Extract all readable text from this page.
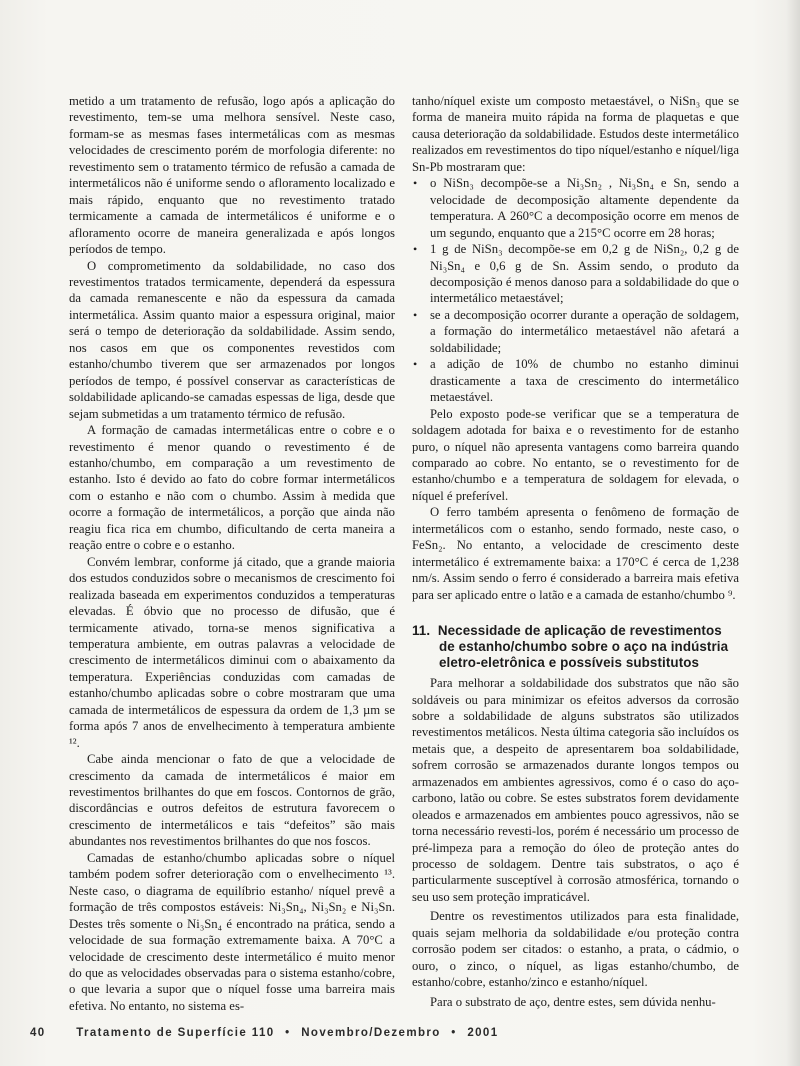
metido a um tratamento de refusão, logo após a aplicação do revestimento, tem-se uma melhora sensível. Neste caso, formam-se as mesmas fases intermetálicas com as mesmas velocidades de crescimento porém de morfologia diferente: no revestimento sem o tratamento térmico de refusão a camada de intermetálicos não é uniforme sendo o afloramento localizado e mais rápido, enquanto que no revestimento tratado termicamente a camada de intermetálicos é uniforme e o afloramento ocorre de maneira generalizada e após longos períodos de tempo.

O comprometimento da soldabilidade, no caso dos revestimentos tratados termicamente, dependerá da espessura da camada remanescente e não da espessura da camada intermetálica. Assim quanto maior a espessura original, maior será o tempo de deterioração da soldabilidade. Assim sendo, nos casos em que os componentes revestidos com estanho/chumbo tiverem que ser armazenados por longos períodos de tempo, é possível conservar as características de soldabilidade aplicando-se camadas espessas de liga, desde que sejam submetidas a um tratamento térmico de refusão.

A formação de camadas intermetálicas entre o cobre e o revestimento é menor quando o revestimento é de estanho/chumbo, em comparação a um revestimento de estanho. Isto é devido ao fato do cobre formar intermetálicos com o estanho e não com o chumbo. Assim à medida que ocorre a formação de intermetálicos, a porção que ainda não reagiu fica rica em chumbo, dificultando de certa maneira a reação entre o cobre e o estanho.

Convém lembrar, conforme já citado, que a grande maioria dos estudos conduzidos sobre o mecanismos de crescimento foi realizada baseada em experimentos conduzidos a temperaturas elevadas. É óbvio que no processo de difusão, que é termicamente ativado, torna-se menos significativa a temperatura ambiente, em outras palavras a velocidade de crescimento de intermetálicos diminui com o abaixamento da temperatura. Experiências conduzidas com camadas de estanho/chumbo aplicadas sobre o cobre mostraram que uma camada de intermetálicos de espessura da ordem de 1,3 µm se forma após 7 anos de envelhecimento à temperatura ambiente ¹².

Cabe ainda mencionar o fato de que a velocidade de crescimento da camada de intermetálicos é maior em revestimentos brilhantes do que em foscos. Contornos de grão, discordâncias e outros defeitos de estrutura favorecem o crescimento de intermetálicos e tais “defeitos” são mais abundantes nos revestimentos brilhantes do que nos foscos.

Camadas de estanho/chumbo aplicadas sobre o níquel também podem sofrer deterioração com o envelhecimento ¹³. Neste caso, o diagrama de equilíbrio estanho/ níquel prevê a formação de três compostos estáveis: Ni₃Sn₄, Ni₃Sn₂ e Ni₃Sn. Destes três somente o Ni₃Sn₄ é encontrado na prática, sendo a velocidade de sua formação extremamente baixa. A 70°C a velocidade de crescimento deste intermetálico é muito menor do que as velocidades observadas para o sistema estanho/cobre, o que levaria a supor que o níquel fosse uma barreira mais efetiva. No entanto, no sistema es-

tanho/níquel existe um composto metaestável, o NiSn₃ que se forma de maneira muito rápida na forma de plaquetas e que causa deterioração da soldabilidade. Estudos deste intermetálico realizados em revestimentos do tipo níquel/estanho e níquel/liga Sn-Pb mostraram que:

• o NiSn₃ decompõe-se a Ni₃Sn₂ , Ni₃Sn₄ e Sn, sendo a velocidade de decomposição altamente dependente da temperatura. A 260°C a decomposição ocorre em menos de um segundo, enquanto que a 215°C ocorre em 28 horas;
• 1 g de NiSn₃ decompõe-se em 0,2 g de NiSn₂, 0,2 g de Ni₃Sn₄ e 0,6 g de Sn. Assim sendo, o produto da decomposição é menos danoso para a soldabilidade do que o intermetálico metaestável;
• se a decomposição ocorrer durante a operação de soldagem, a formação do intermetálico metaestável não afetará a soldabilidade;
• a adição de 10% de chumbo no estanho diminui drasticamente a taxa de crescimento do intermetálico metaestável.

Pelo exposto pode-se verificar que se a temperatura de soldagem adotada for baixa e o revestimento for de estanho puro, o níquel não apresenta vantagens como barreira quando comparado ao cobre. No entanto, se o revestimento for de estanho/chumbo e a temperatura de soldagem for elevada, o níquel é preferível.

O ferro também apresenta o fenômeno de formação de intermetálicos com o estanho, sendo formado, neste caso, o FeSn₂. No entanto, a velocidade de crescimento deste intermetálico é extremamente baixa: a 170°C é cerca de 1,238 nm/s. Assim sendo o ferro é considerado a barreira mais efetiva para ser aplicado entre o latão e a camada de estanho/chumbo ⁹.

11. Necessidade de aplicação de revestimentos
de estanho/chumbo sobre o aço na indústria
eletro-eletrônica e possíveis substitutos

Para melhorar a soldabilidade dos substratos que não são soldáveis ou para minimizar os efeitos adversos da corrosão sobre a soldabilidade de alguns substratos são utilizados revestimentos metálicos. Nesta última categoria são incluídos os metais que, a despeito de apresentarem boa soldabilidade, sofrem corrosão se armazenados durante longos tempos ou armazenados em ambientes agressivos, como é o caso do aço-carbono, latão ou cobre. Se estes substratos forem devidamente oleados e armazenados em ambientes pouco agressivos, não se torna necessário revesti-los, porém é necessário um processo de pré-limpeza para a remoção do óleo de proteção antes do processo de soldagem. Dentre tais substratos, o aço é particularmente susceptível à corrosão atmosférica, tornando o seu uso sem proteção impraticável.

Dentre os revestimentos utilizados para esta finalidade, quais sejam melhoria da soldabilidade e/ou proteção contra corrosão podem ser citados: o estanho, a prata, o cádmio, o ouro, o zinco, o níquel, as ligas estanho/chumbo, de estanho/cobre, estanho/zinco e estanho/níquel.

Para o substrato de aço, dentre estes, sem dúvida nenhu-

40	Tratamento de Superfície 110 • Novembro/Dezembro • 2001
